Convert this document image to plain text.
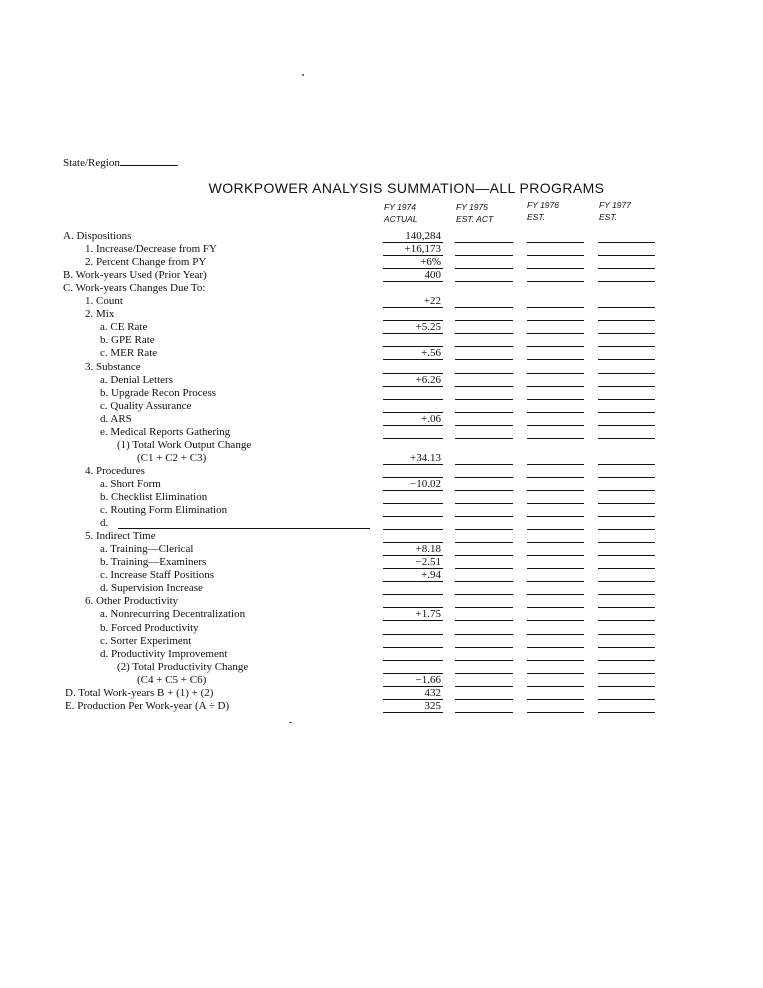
State/Region
WORKPOWER ANALYSIS SUMMATION—ALL PROGRAMS
FY 1974
ACTUAL
FY 1975
EST. ACT
FY 1976
EST.
FY 1977
EST.
A. Dispositions	140,284
1. Increase/Decrease from FY	+16,173
2. Percent Change from PY	+6%
B. Work-years Used (Prior Year)	400
C. Work-years Changes Due To:
1. Count	+22
2. Mix
a. CE Rate	+5.25
b. GPE Rate
c. MER Rate	+.56
3. Substance
a. Denial Letters	+6.26
b. Upgrade Recon Process
c. Quality Assurance
d. ARS	+.06
e. Medical Reports Gathering
(1) Total Work Output Change
(C1 + C2 + C3)	+34.13
4. Procedures
a. Short Form	−10.02
b. Checklist Elimination
c. Routing Form Elimination
d.
5. Indirect Time
a. Training—Clerical	+8.18
b. Training—Examiners	−2.51
c. Increase Staff Positions	+.94
d. Supervision Increase
6. Other Productivity
a. Nonrecurring Decentralization	+1.75
b. Forced Productivity
c. Sorter Experiment
d. Productivity Improvement
(2) Total Productivity Change
(C4 + C5 + C6)	−1.66
D. Total Work-years B + (1) + (2)	432
E. Production Per Work-year (A ÷ D)	325
